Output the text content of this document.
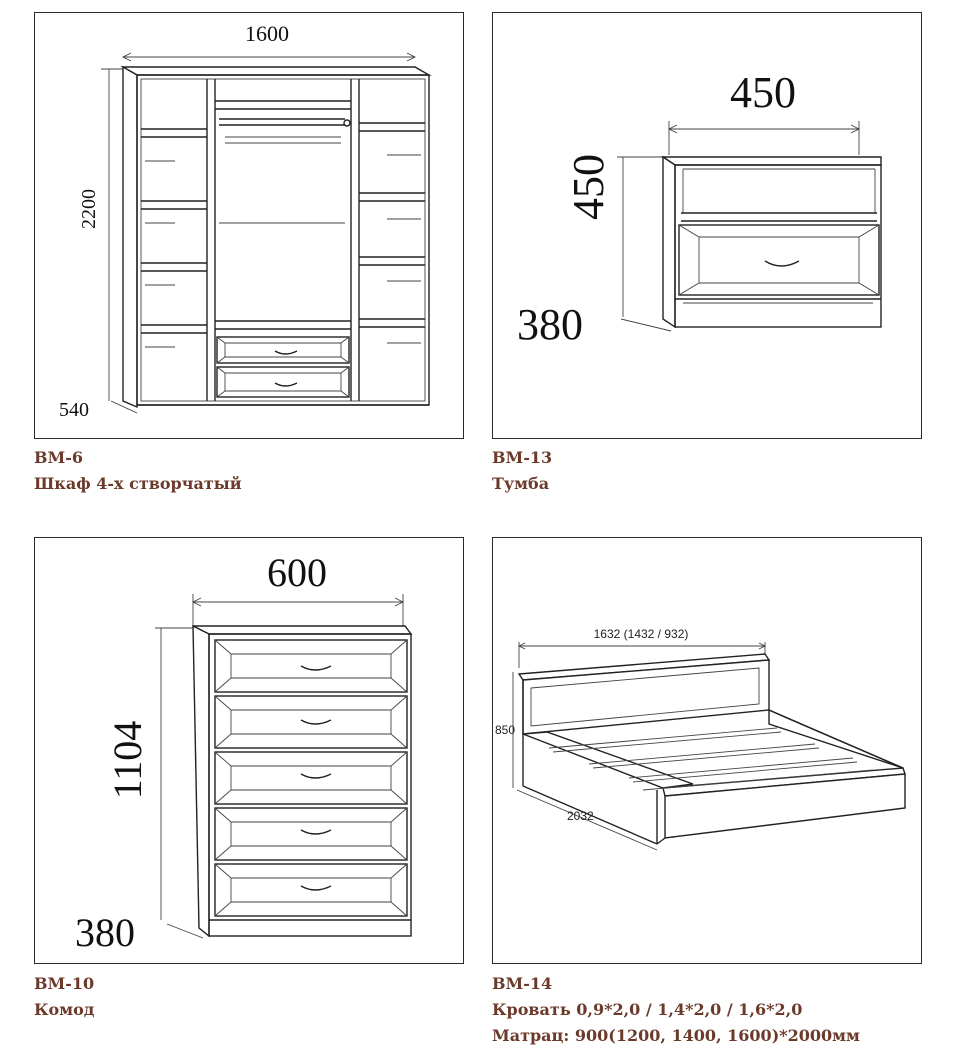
1600
2200
540
ВМ-6
Шкаф 4-х створчатый
450
450
380
ВМ-13
Тумба
600
1104
380
ВМ-10
Комод
1632 (1432 / 932)
850
2032
ВМ-14
Кровать 0,9*2,0 / 1,4*2,0 / 1,6*2,0
Матрац: 900(1200, 1400, 1600)*2000мм
